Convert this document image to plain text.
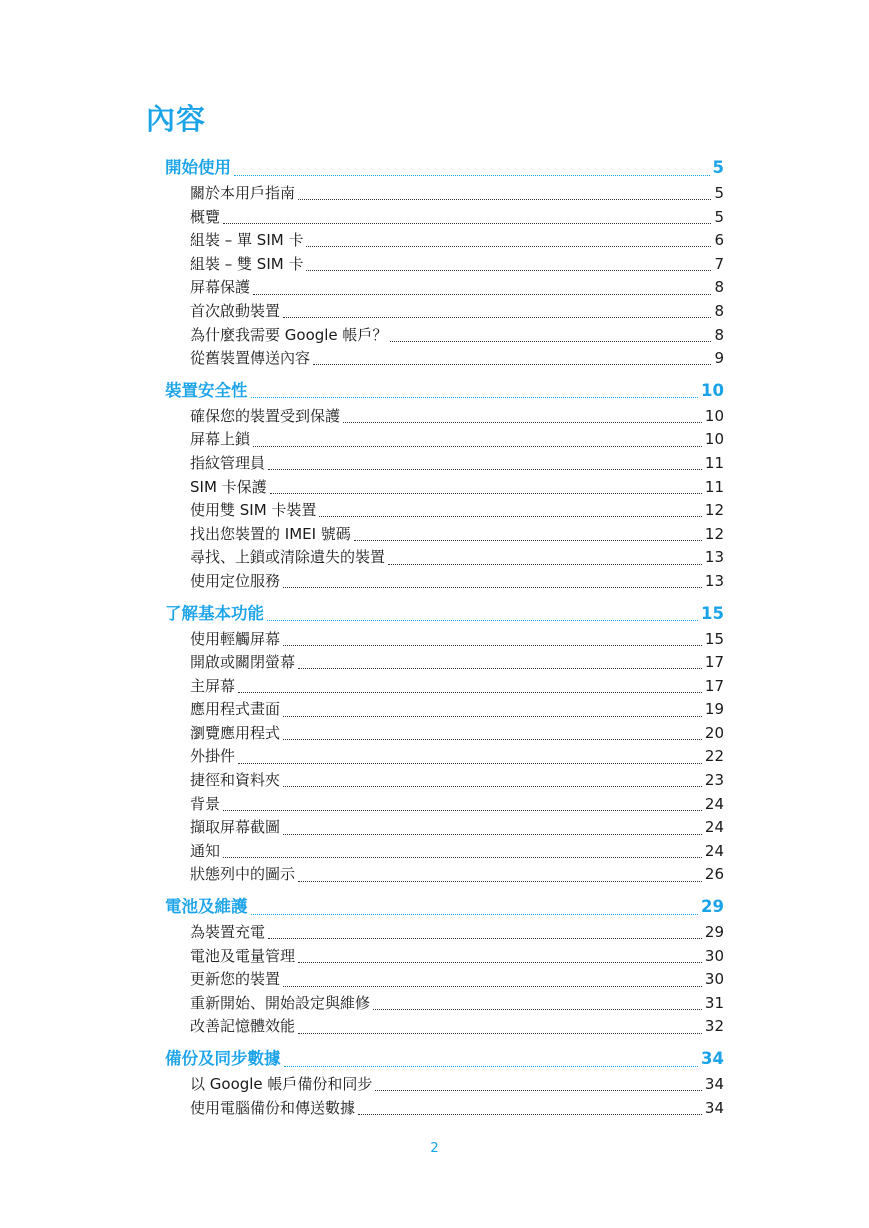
內容
開始使用	5
關於本用戶指南	5
概覽	5
組裝 – 單 SIM 卡	6
組裝 – 雙 SIM 卡	7
屏幕保護	8
首次啟動裝置	8
為什麼我需要 Google 帳戶？	8
從舊裝置傳送內容	9
裝置安全性	10
確保您的裝置受到保護	10
屏幕上鎖	10
指紋管理員	11
SIM 卡保護	11
使用雙 SIM 卡裝置	12
找出您裝置的 IMEI 號碼	12
尋找、上鎖或清除遺失的裝置	13
使用定位服務	13
了解基本功能	15
使用輕觸屏幕	15
開啟或關閉螢幕	17
主屏幕	17
應用程式畫面	19
瀏覽應用程式	20
外掛件	22
捷徑和資料夾	23
背景	24
擷取屏幕截圖	24
通知	24
狀態列中的圖示	26
電池及維護	29
為裝置充電	29
電池及電量管理	30
更新您的裝置	30
重新開始、開始設定與維修	31
改善記憶體效能	32
備份及同步數據	34
以 Google 帳戶備份和同步	34
使用電腦備份和傳送數據	34
2
